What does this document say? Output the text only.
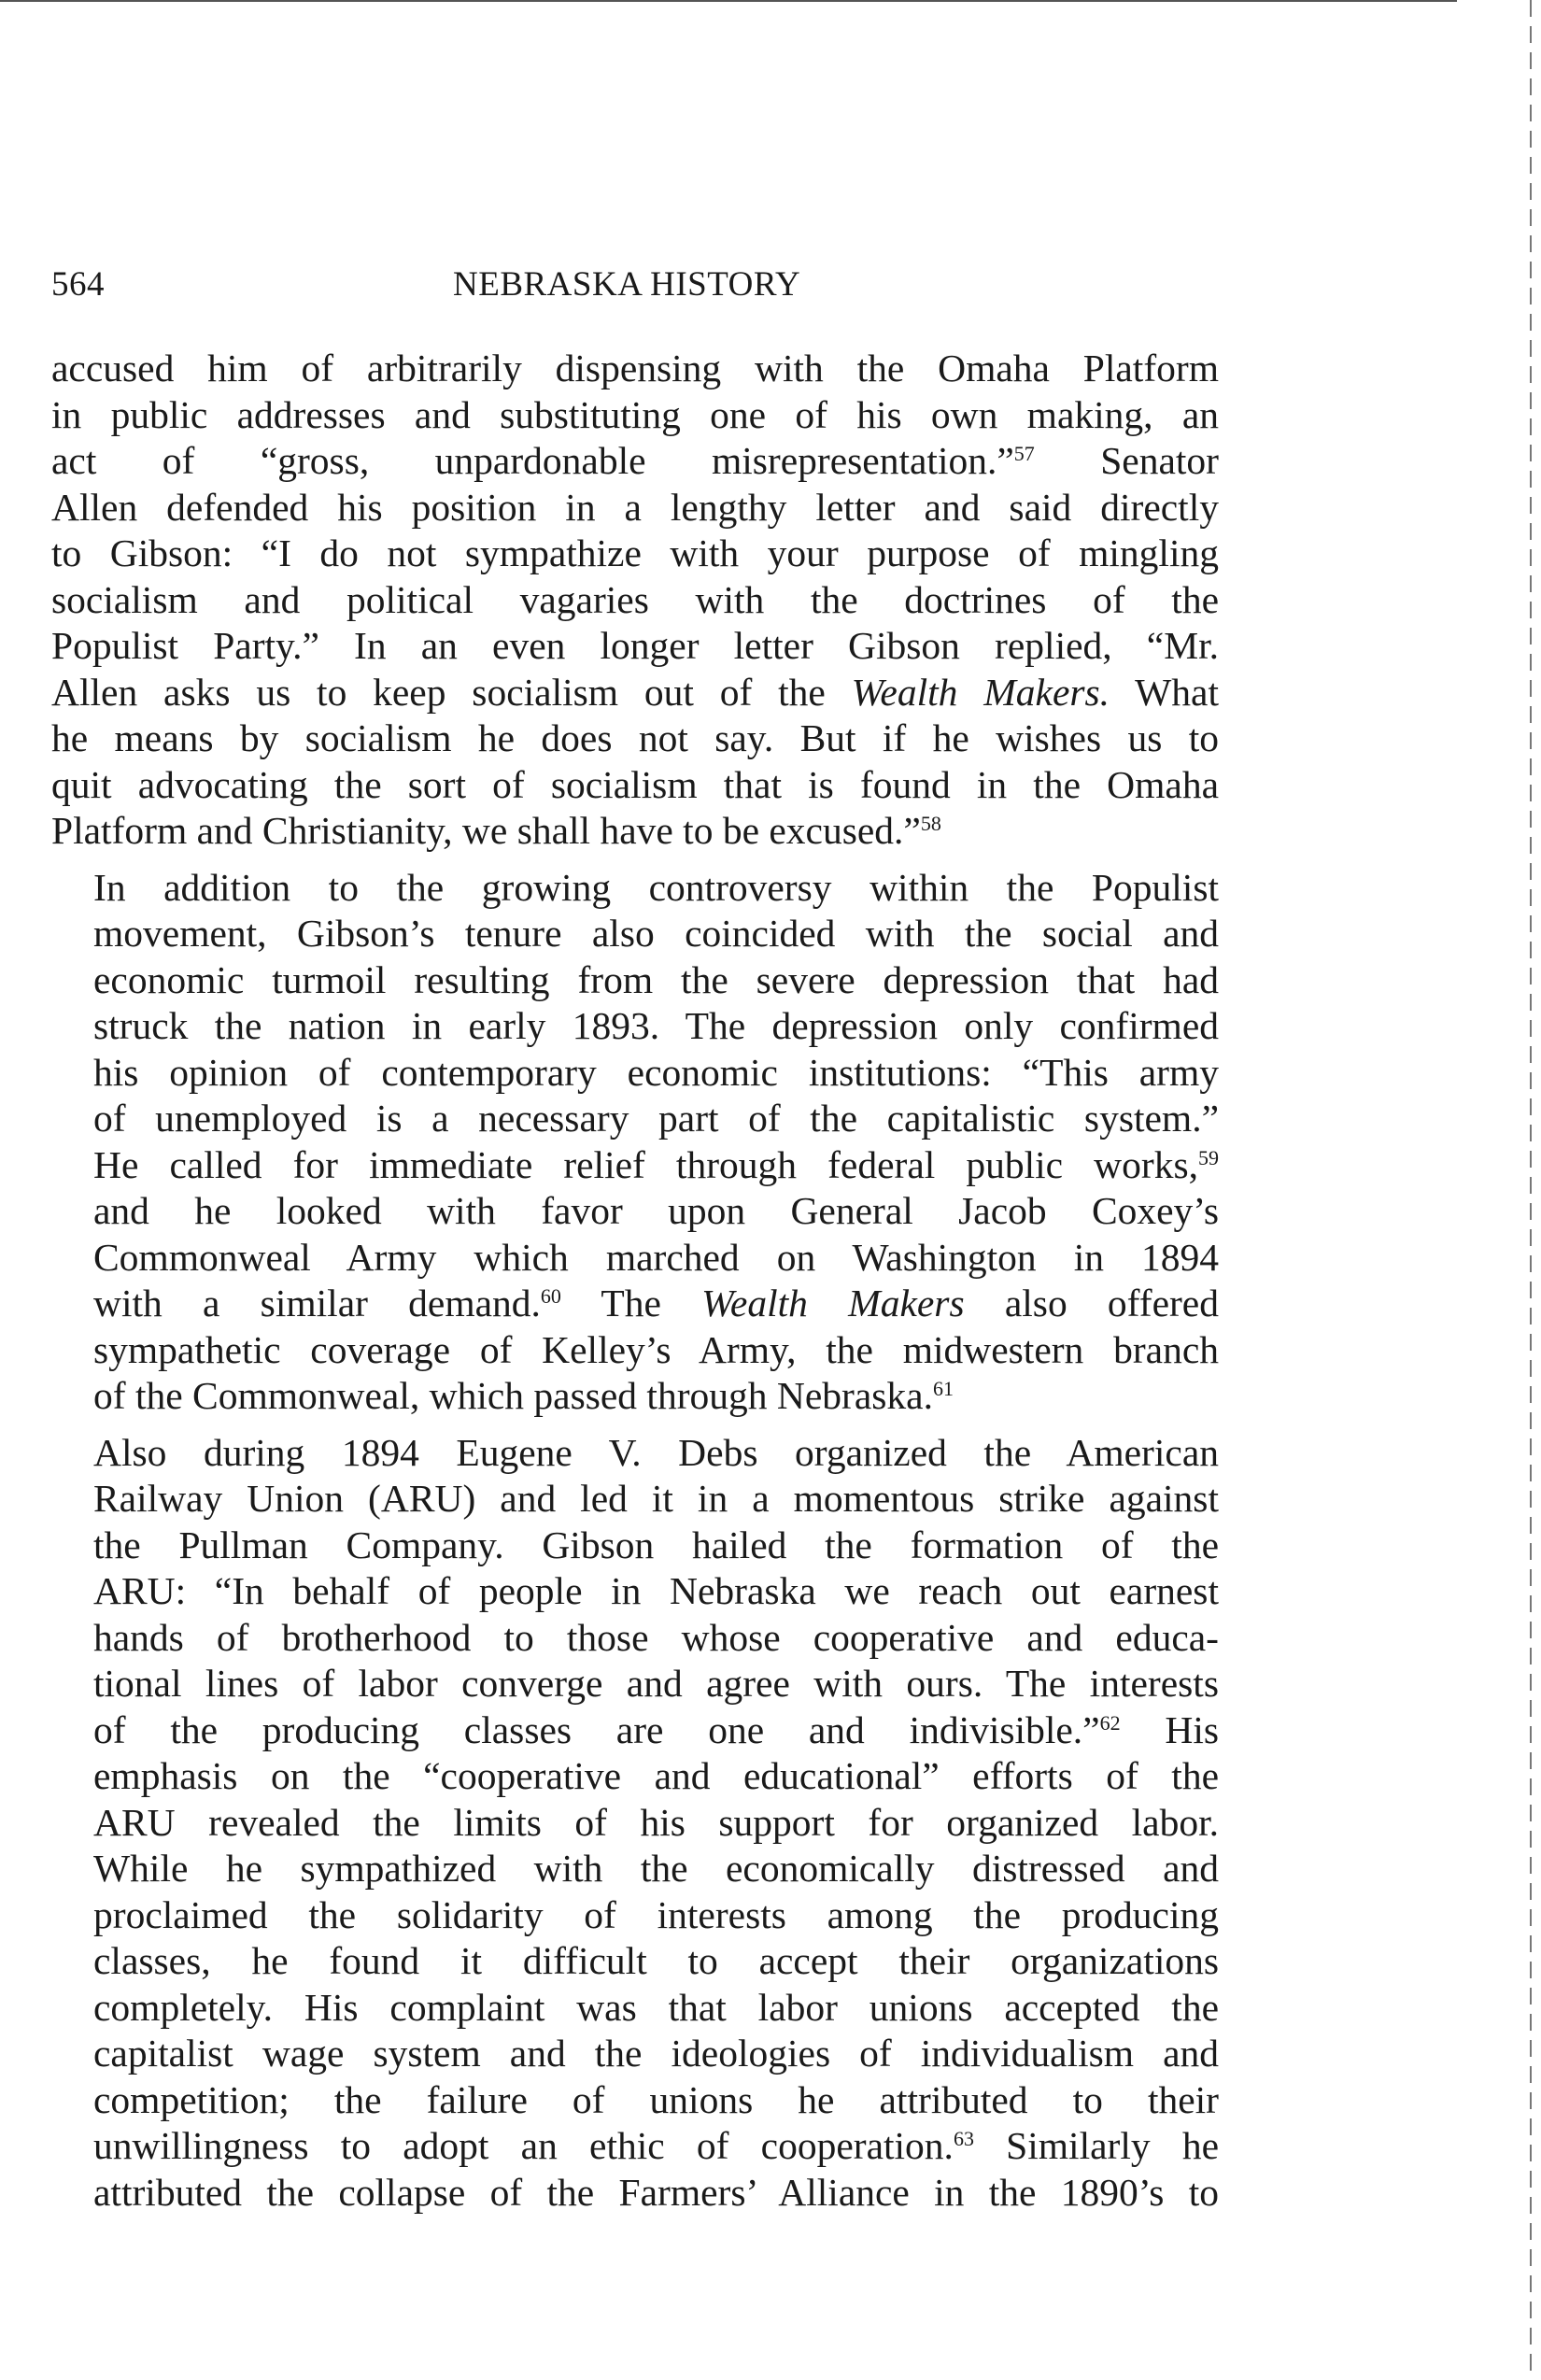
564	NEBRASKA HISTORY

accused him of arbitrarily dispensing with the Omaha Platform
in public addresses and substituting one of his own making, an
act of “gross, unpardonable misrepresentation.”$^{57}$ Senator
Allen defended his position in a lengthy letter and said directly
to Gibson: “I do not sympathize with your purpose of mingling
socialism and political vagaries with the doctrines of the
Populist Party.” In an even longer letter Gibson replied, “Mr.
Allen asks us to keep socialism out of the Wealth Makers. What
he means by socialism he does not say. But if he wishes us to
quit advocating the sort of socialism that is found in the Omaha
Platform and Christianity, we shall have to be excused.”$^{58}$

In addition to the growing controversy within the Populist
movement, Gibson’s tenure also coincided with the social and
economic turmoil resulting from the severe depression that had
struck the nation in early 1893. The depression only confirmed
his opinion of contemporary economic institutions: “This army
of unemployed is a necessary part of the capitalistic system.”
He called for immediate relief through federal public works,$^{59}$
and he looked with favor upon General Jacob Coxey’s
Commonweal Army which marched on Washington in 1894
with a similar demand.$^{60}$ The Wealth Makers also offered
sympathetic coverage of Kelley’s Army, the midwestern branch
of the Commonweal, which passed through Nebraska.$^{61}$

Also during 1894 Eugene V. Debs organized the American
Railway Union (ARU) and led it in a momentous strike against
the Pullman Company. Gibson hailed the formation of the
ARU: “In behalf of people in Nebraska we reach out earnest
hands of brotherhood to those whose cooperative and educa-
tional lines of labor converge and agree with ours. The interests
of the producing classes are one and indivisible.”$^{62}$ His
emphasis on the “cooperative and educational” efforts of the
ARU revealed the limits of his support for organized labor.
While he sympathized with the economically distressed and
proclaimed the solidarity of interests among the producing
classes, he found it difficult to accept their organizations
completely. His complaint was that labor unions accepted the
capitalist wage system and the ideologies of individualism and
competition; the failure of unions he attributed to their
unwillingness to adopt an ethic of cooperation.$^{63}$ Similarly he
attributed the collapse of the Farmers’ Alliance in the 1890’s to
